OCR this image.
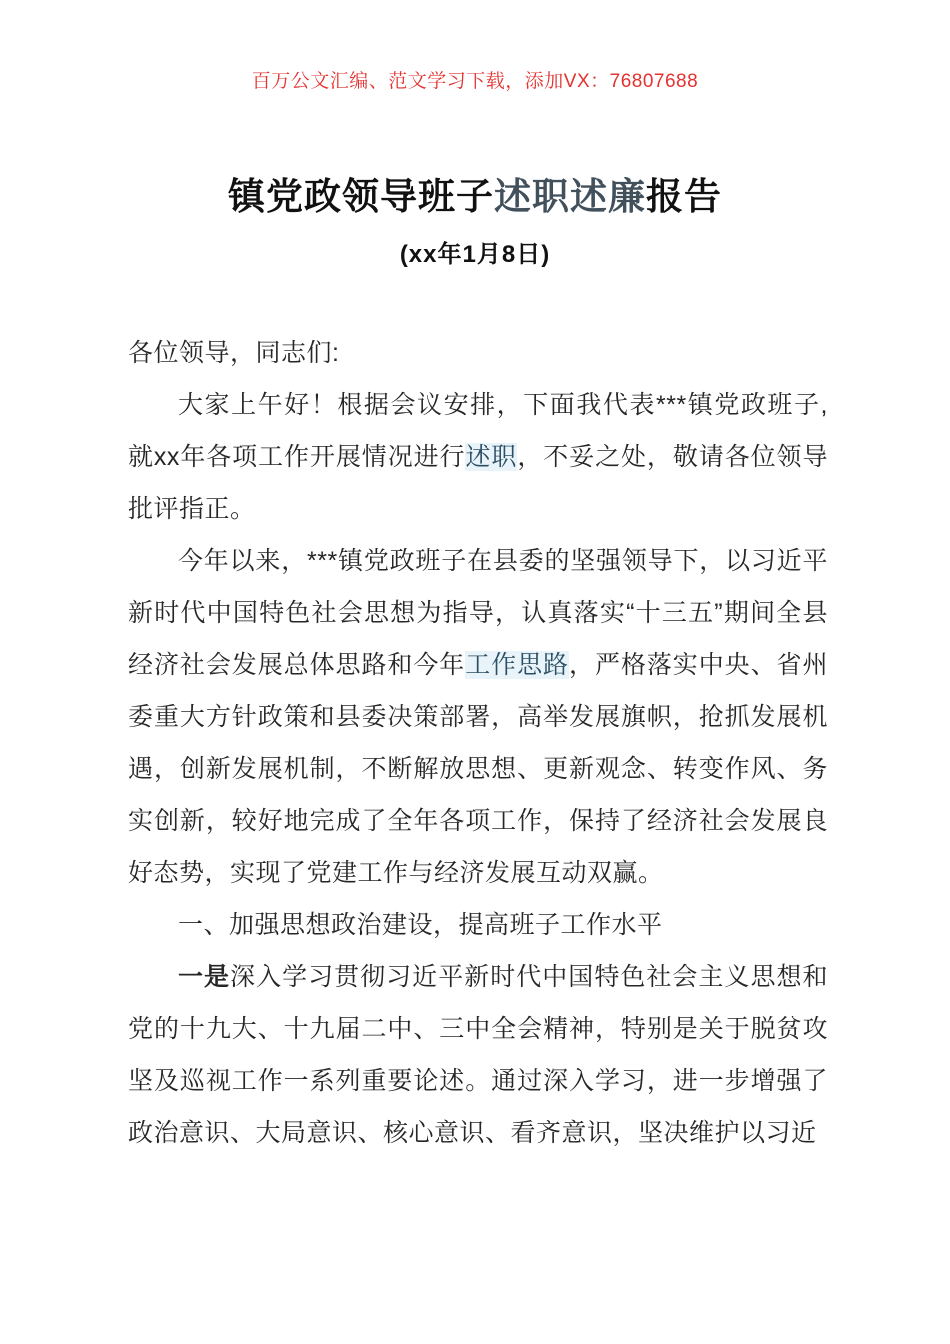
百万公文汇编、范文学习下载，添加VX：76807688
镇党政领导班子述职述廉报告
(xx年1月8日)

各位领导，同志们:

大家上午好！根据会议安排，下面我代表***镇党政班子,就xx年各项工作开展情况进行述职，不妥之处，敬请各位领导批评指正。

今年以来，***镇党政班子在县委的坚强领导下，以习近平新时代中国特色社会思想为指导，认真落实“十三五”期间全县经济社会发展总体思路和今年工作思路，严格落实中央、省州委重大方针政策和县委决策部署，高举发展旗帜，抢抓发展机遇，创新发展机制，不断解放思想、更新观念、转变作风、务实创新，较好地完成了全年各项工作，保持了经济社会发展良好态势，实现了党建工作与经济发展互动双赢。

一、加强思想政治建设，提高班子工作水平

一是深入学习贯彻习近平新时代中国特色社会主义思想和党的十九大、十九届二中、三中全会精神，特别是关于脱贫攻坚及巡视工作一系列重要论述。通过深入学习，进一步增强了政治意识、大局意识、核心意识、看齐意识，坚决维护以习近
